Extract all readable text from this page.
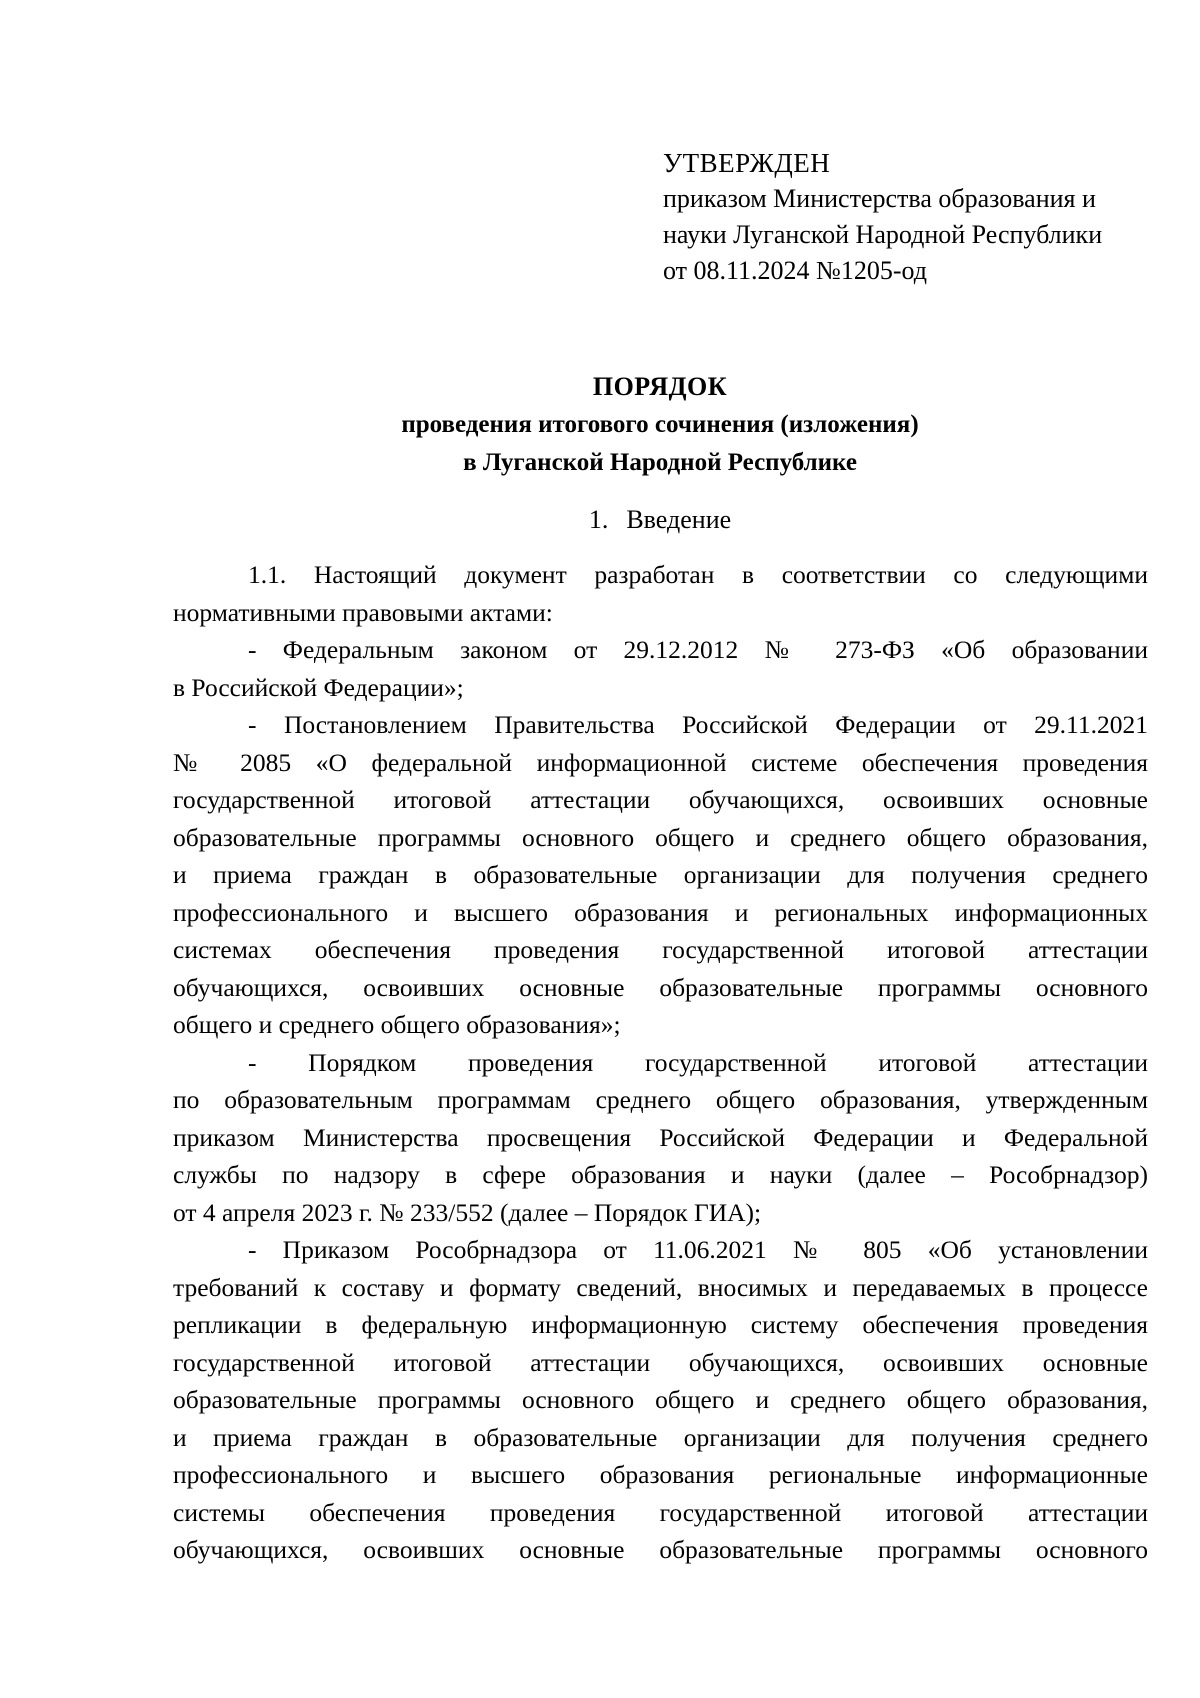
УТВЕРЖДЕН
приказом Министерства образования и
науки Луганской Народной Республики
от 08.11.2024 №1205-од
ПОРЯДОК
проведения итогового сочинения (изложения)
в Луганской Народной Республике
1. Введение
1.1. Настоящий документ разработан в соответствии со следующими
нормативными правовыми актами:
- Федеральным законом от 29.12.2012 № 273-ФЗ «Об образовании
в Российской Федерации»;
- Постановлением Правительства Российской Федерации от 29.11.2021
№ 2085 «О федеральной информационной системе обеспечения проведения
государственной итоговой аттестации обучающихся, освоивших основные
образовательные программы основного общего и среднего общего образования,
и приема граждан в образовательные организации для получения среднего
профессионального и высшего образования и региональных информационных
системах обеспечения проведения государственной итоговой аттестации
обучающихся, освоивших основные образовательные программы основного
общего и среднего общего образования»;
- Порядком проведения государственной итоговой аттестации
по образовательным программам среднего общего образования, утвержденным
приказом Министерства просвещения Российской Федерации и Федеральной
службы по надзору в сфере образования и науки (далее – Рособрнадзор)
от 4 апреля 2023 г. № 233/552 (далее – Порядок ГИА);
- Приказом Рособрнадзора от 11.06.2021 № 805 «Об установлении
требований к составу и формату сведений, вносимых и передаваемых в процессе
репликации в федеральную информационную систему обеспечения проведения
государственной итоговой аттестации обучающихся, освоивших основные
образовательные программы основного общего и среднего общего образования,
и приема граждан в образовательные организации для получения среднего
профессионального и высшего образования региональные информационные
системы обеспечения проведения государственной итоговой аттестации
обучающихся, освоивших основные образовательные программы основного
